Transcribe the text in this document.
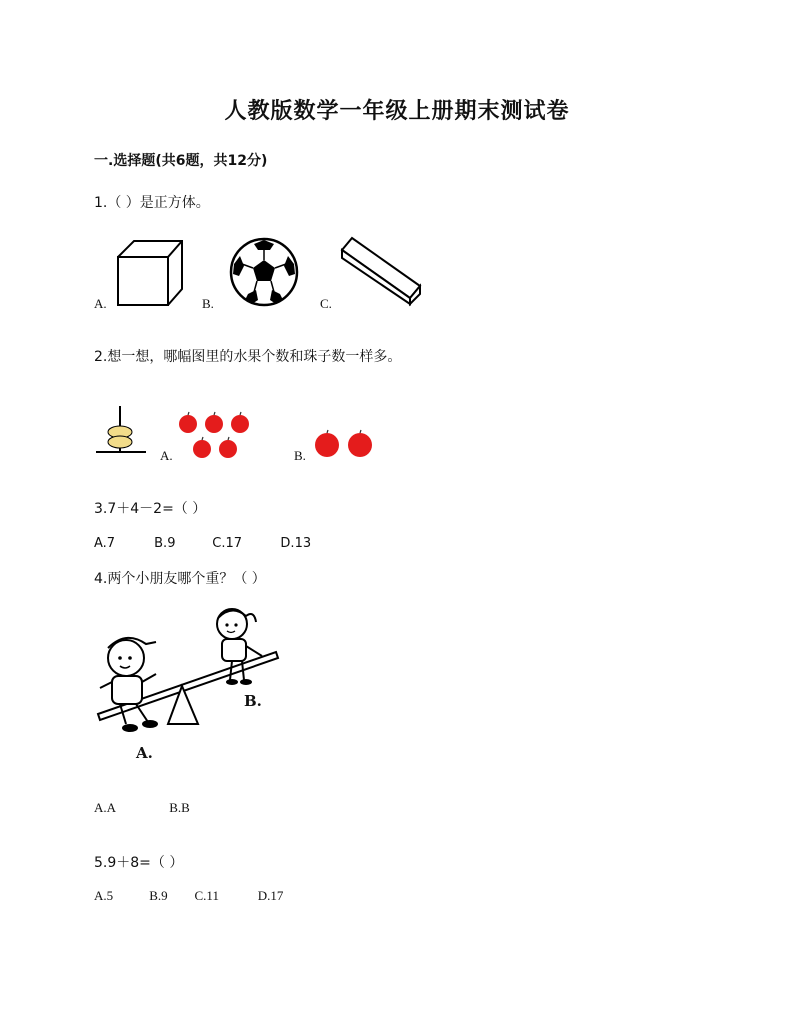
人教版数学一年级上册期末测试卷
一.选择题(共6题，共12分)
1.（ ）是正方体。
A.	B.	C.
2.想一想，哪幅图里的水果个数和珠子数一样多。
A.	B.
3.7＋4－2=（ ）
A.7	B.9	C.17	D.13
4.两个小朋友哪个重？（ ）
A.
B.
A.A	B.B
5.9＋8=（ ）
A.5	B.9 C.11	D.17
